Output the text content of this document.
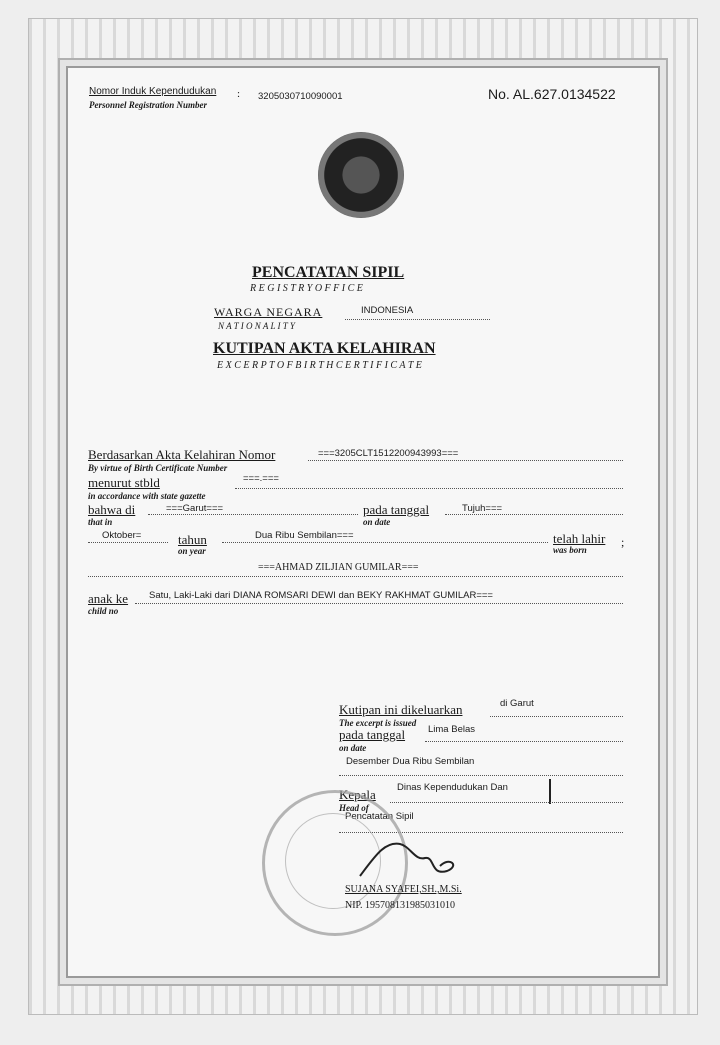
Nomor Induk Kependudukan :
Personnel Registration Number
3205030710090001	No. AL.627.0134522
PENCATATAN SIPIL
R E G I S T R Y O F F I C E
WARGA NEGARA
N A T I O N A L I T Y
INDONESIA
KUTIPAN AKTA KELAHIRAN
E X C E R P T O F B I R T H C E R T I F I C A T E
Berdasarkan Akta Kelahiran Nomor
By virtue of Birth Certificate Number
===3205CLT1512200943993===
menurut stbld
in accordance with state gazette
===.===
bahwa di
that in
===Garut===	pada tanggal
on date
Tujuh===
Oktober=	tahun
on year
Dua Ribu Sembilan===	telah lahir
was born
;
===AHMAD ZILJIAN GUMILAR===
anak ke
child no
Satu, Laki-Laki dari DIANA ROMSARI DEWI dan BEKY RAKHMAT GUMILAR===
Kutipan ini dikeluarkan
The excerpt is issued
di Garut
pada tanggal
on date
Lima Belas
Desember Dua Ribu Sembilan
Kepala
Head of
Dinas Kependudukan Dan
Pencatatan Sipil
SUJANA SYAFEI,SH.,M.Si.
NIP. 195708131985031010
